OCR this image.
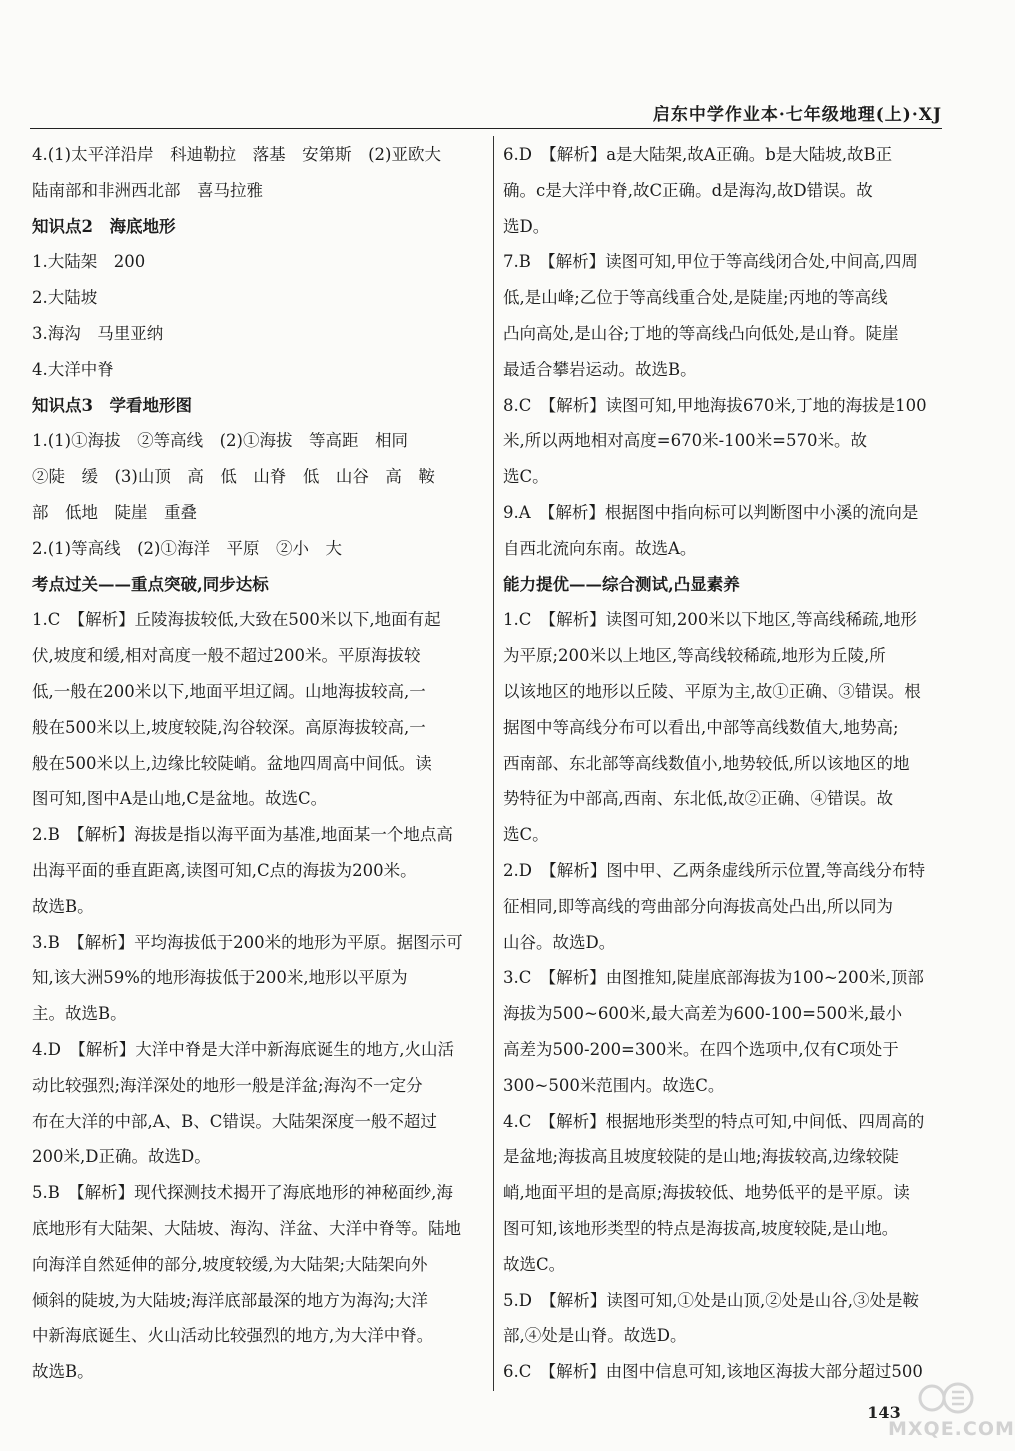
启东中学作业本·七年级地理(上)·XJ
4.(1)太平洋沿岸　科迪勒拉　落基　安第斯　(2)亚欧大
陆南部和非洲西北部　喜马拉雅
知识点2　海底地形
1.大陆架　200
2.大陆坡
3.海沟　马里亚纳
4.大洋中脊
知识点3　学看地形图
1.(1)①海拔　②等高线　(2)①海拔　等高距　相同
②陡　缓　(3)山顶　高　低　山脊　低　山谷　高　鞍
部　低地　陡崖　重叠
2.(1)等高线　(2)①海洋　平原　②小　大
考点过关——重点突破,同步达标
1.C　【解析】丘陵海拔较低,大致在500米以下,地面有起
伏,坡度和缓,相对高度一般不超过200米。平原海拔较
低,一般在200米以下,地面平坦辽阔。山地海拔较高,一
般在500米以上,坡度较陡,沟谷较深。高原海拔较高,一
般在500米以上,边缘比较陡峭。盆地四周高中间低。读
图可知,图中A是山地,C是盆地。故选C。
2.B　【解析】海拔是指以海平面为基准,地面某一个地点高
出海平面的垂直距离,读图可知,C点的海拔为200米。
故选B。
3.B　【解析】平均海拔低于200米的地形为平原。据图示可
知,该大洲59%的地形海拔低于200米,地形以平原为
主。故选B。
4.D　【解析】大洋中脊是大洋中新海底诞生的地方,火山活
动比较强烈;海洋深处的地形一般是洋盆;海沟不一定分
布在大洋的中部,A、B、C错误。大陆架深度一般不超过
200米,D正确。故选D。
5.B　【解析】现代探测技术揭开了海底地形的神秘面纱,海
底地形有大陆架、大陆坡、海沟、洋盆、大洋中脊等。陆地
向海洋自然延伸的部分,坡度较缓,为大陆架;大陆架向外
倾斜的陡坡,为大陆坡;海洋底部最深的地方为海沟;大洋
中新海底诞生、火山活动比较强烈的地方,为大洋中脊。
故选B。
6.D　【解析】a是大陆架,故A正确。b是大陆坡,故B正
确。c是大洋中脊,故C正确。d是海沟,故D错误。故
选D。
7.B　【解析】读图可知,甲位于等高线闭合处,中间高,四周
低,是山峰;乙位于等高线重合处,是陡崖;丙地的等高线
凸向高处,是山谷;丁地的等高线凸向低处,是山脊。陡崖
最适合攀岩运动。故选B。
8.C　【解析】读图可知,甲地海拔670米,丁地的海拔是100
米,所以两地相对高度=670米-100米=570米。故
选C。
9.A　【解析】根据图中指向标可以判断图中小溪的流向是
自西北流向东南。故选A。
能力提优——综合测试,凸显素养
1.C　【解析】读图可知,200米以下地区,等高线稀疏,地形
为平原;200米以上地区,等高线较稀疏,地形为丘陵,所
以该地区的地形以丘陵、平原为主,故①正确、③错误。根
据图中等高线分布可以看出,中部等高线数值大,地势高;
西南部、东北部等高线数值小,地势较低,所以该地区的地
势特征为中部高,西南、东北低,故②正确、④错误。故
选C。
2.D　【解析】图中甲、乙两条虚线所示位置,等高线分布特
征相同,即等高线的弯曲部分向海拔高处凸出,所以同为
山谷。故选D。
3.C　【解析】由图推知,陡崖底部海拔为100~200米,顶部
海拔为500~600米,最大高差为600-100=500米,最小
高差为500-200=300米。在四个选项中,仅有C项处于
300~500米范围内。故选C。
4.C　【解析】根据地形类型的特点可知,中间低、四周高的
是盆地;海拔高且坡度较陡的是山地;海拔较高,边缘较陡
峭,地面平坦的是高原;海拔较低、地势低平的是平原。读
图可知,该地形类型的特点是海拔高,坡度较陡,是山地。
故选C。
5.D　【解析】读图可知,①处是山顶,②处是山谷,③处是鞍
部,④处是山脊。故选D。
6.C　【解析】由图中信息可知,该地区海拔大部分超过500
143
MXQE.COM
